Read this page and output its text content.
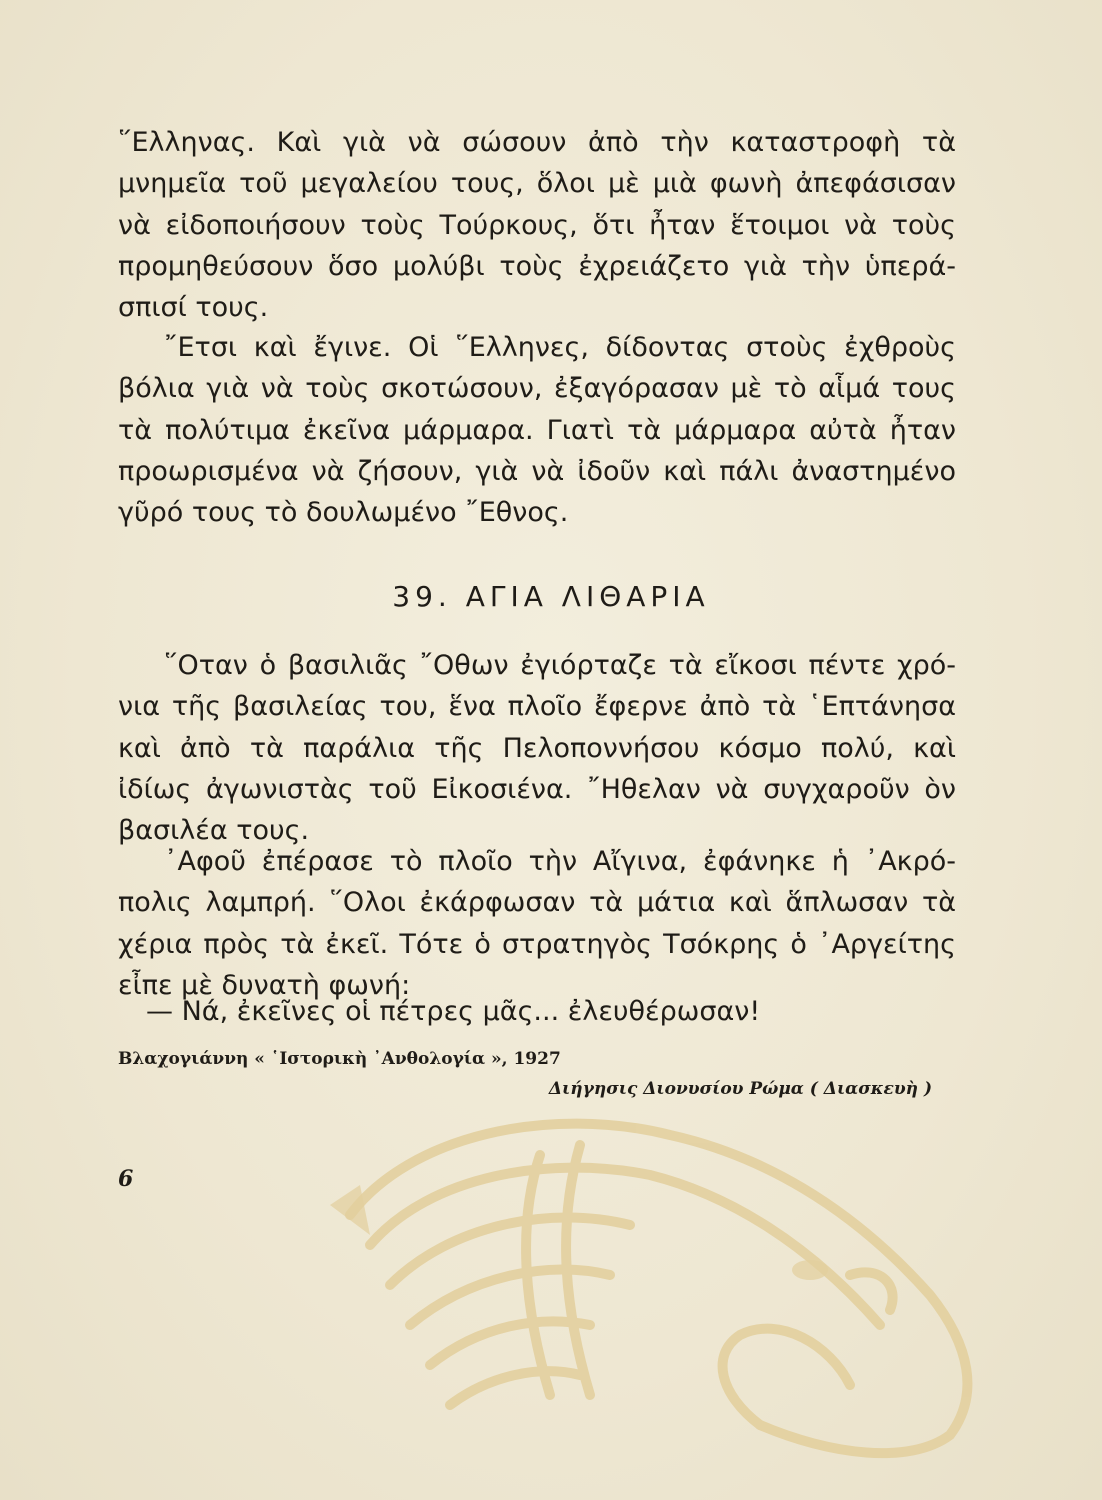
῞Ελληνας. Καὶ γιὰ νὰ σώσουν ἀπὸ τὴν καταστροφὴ τὰ
μνημεῖα τοῦ μεγαλείου τους, ὅλοι μὲ μιὰ φωνὴ ἀπεφάσισαν
νὰ εἰδοποιήσουν τοὺς Τούρκους, ὅτι ἦταν ἕτοιμοι νὰ τοὺς
προμηθεύσουν ὅσο μολύβι τοὺς ἐχρειάζετο γιὰ τὴν ὑπερά-
σπισί τους.
῎Ετσι καὶ ἔγινε. Οἱ ῞Ελληνες, δίδοντας στοὺς ἐχθροὺς
βόλια γιὰ νὰ τοὺς σκοτώσουν, ἐξαγόρασαν μὲ τὸ αἷμά τους
τὰ πολύτιμα ἐκεῖνα μάρμαρα. Γιατὶ τὰ μάρμαρα αὐτὰ ἦταν
προωρισμένα νὰ ζήσουν, γιὰ νὰ ἰδοῦν καὶ πάλι ἀναστημένο
γῦρό τους τὸ δουλωμένο ῎Εθνος.
39. ΑΓΙΑ ΛΙΘΑΡΙΑ
῞Οταν ὁ βασιλιᾶς ῎Οθων ἐγιόρταζε τὰ εἴκοσι πέντε χρό-
νια τῆς βασιλείας του, ἕνα πλοῖο ἔφερνε ἀπὸ τὰ ῾Επτάνησα
καὶ ἀπὸ τὰ παράλια τῆς Πελοποννήσου κόσμο πολύ, καὶ
ἰδίως ἀγωνιστὰς τοῦ Εἰκοσιένα. ῎Ηθελαν νὰ συγχαροῦν ὸν
βασιλέα τους.
᾿Αφοῦ ἐπέρασε τὸ πλοῖο τὴν Αἴγινα, ἐφάνηκε ἡ ᾿Ακρό-
πολις λαμπρή. ῞Ολοι ἐκάρφωσαν τὰ μάτια καὶ ἅπλωσαν τὰ
χέρια πρὸς τὰ ἐκεῖ. Τότε ὁ στρατηγὸς Τσόκρης ὁ ᾿Αργείτης
εἶπε μὲ δυνατὴ φωνή:
— Νά, ἐκεῖνες οἱ πέτρες μᾶς... ἐλευθέρωσαν!
Βλαχογιάννη « ῾Ιστορικὴ ᾿Ανθολογία », 1927
Διήγησις Διονυσίου Ρώμα ( Διασκευὴ )
6
